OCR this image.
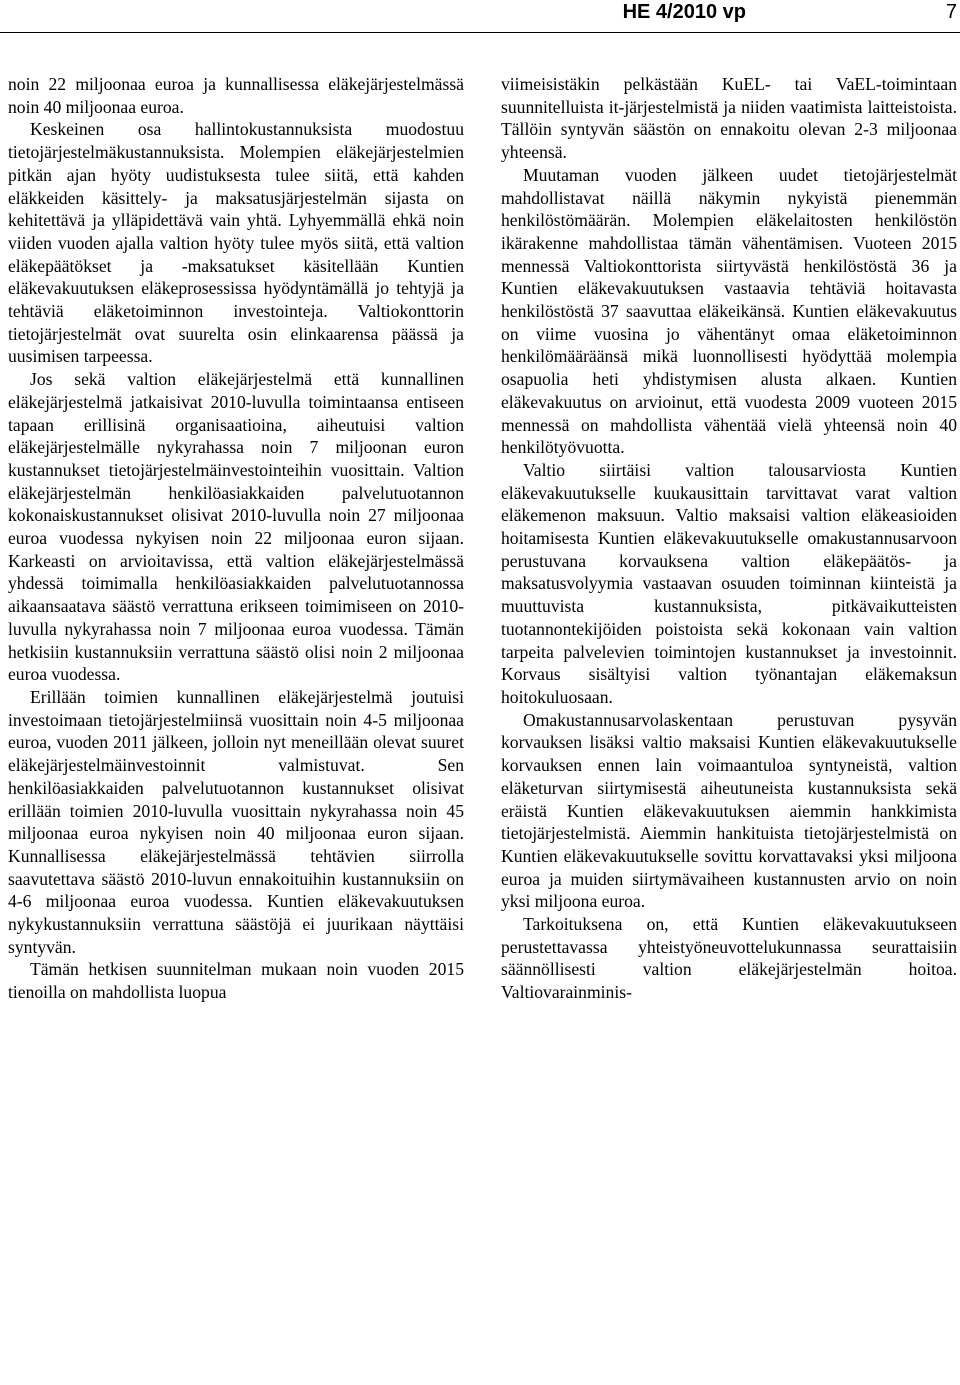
HE 4/2010 vp	7

noin 22 miljoonaa euroa ja kunnallisessa eläkejärjestelmässä noin 40 miljoonaa euroa.

Keskeinen osa hallintokustannuksista muodostuu tietojärjestelmäkustannuksista. Molempien eläkejärjestelmien pitkän ajan hyöty uudistuksesta tulee siitä, että kahden eläkkeiden käsittely- ja maksatusjärjestelmän sijasta on kehitettävä ja ylläpidettävä vain yhtä. Lyhyemmällä ehkä noin viiden vuoden ajalla valtion hyöty tulee myös siitä, että valtion eläkepäätökset ja -maksatukset käsitellään Kuntien eläkevakuutuksen eläkeprosessissa hyödyntämällä jo tehtyjä ja tehtäviä eläketoiminnon investointeja. Valtiokonttorin tietojärjestelmät ovat suurelta osin elinkaarensa päässä ja uusimisen tarpeessa.

Jos sekä valtion eläkejärjestelmä että kunnallinen eläkejärjestelmä jatkaisivat 2010-luvulla toimintaansa entiseen tapaan erillisinä organisaatioina, aiheutuisi valtion eläkejärjestelmälle nykyrahassa noin 7 miljoonan euron kustannukset tietojärjestelmäinvestointeihin vuosittain. Valtion eläkejärjestelmän henkilöasiakkaiden palvelutuotannon kokonaiskustannukset olisivat 2010-luvulla noin 27 miljoonaa euroa vuodessa nykyisen noin 22 miljoonaa euron sijaan. Karkeasti on arvioitavissa, että valtion eläkejärjestelmässä yhdessä toimimalla henkilöasiakkaiden palvelutuotannossa aikaansaatava säästö verrattuna erikseen toimimiseen on 2010-luvulla nykyrahassa noin 7 miljoonaa euroa vuodessa. Tämän hetkisiin kustannuksiin verrattuna säästö olisi noin 2 miljoonaa euroa vuodessa.

Erillään toimien kunnallinen eläkejärjestelmä joutuisi investoimaan tietojärjestelmiinsä vuosittain noin 4-5 miljoonaa euroa, vuoden 2011 jälkeen, jolloin nyt meneillään olevat suuret eläkejärjestelmäinvestoinnit valmistuvat. Sen henkilöasiakkaiden palvelutuotannon kustannukset olisivat erillään toimien 2010-luvulla vuosittain nykyrahassa noin 45 miljoonaa euroa nykyisen noin 40 miljoonaa euron sijaan. Kunnallisessa eläkejärjestelmässä tehtävien siirrolla saavutettava säästö 2010-luvun ennakoituihin kustannuksiin on 4-6 miljoonaa euroa vuodessa. Kuntien eläkevakuutuksen nykykustannuksiin verrattuna säästöjä ei juurikaan näyttäisi syntyvän.

Tämän hetkisen suunnitelman mukaan noin vuoden 2015 tienoilla on mahdollista luopua

viimeisistäkin pelkästään KuEL- tai VaEL-toimintaan suunnitelluista it-järjestelmistä ja niiden vaatimista laitteistoista. Tällöin syntyvän säästön on ennakoitu olevan 2-3 miljoonaa yhteensä.

Muutaman vuoden jälkeen uudet tietojärjestelmät mahdollistavat näillä näkymin nykyistä pienemmän henkilöstömäärän. Molempien eläkelaitosten henkilöstön ikärakenne mahdollistaa tämän vähentämisen. Vuoteen 2015 mennessä Valtiokonttorista siirtyvästä henkilöstöstä 36 ja Kuntien eläkevakuutuksen vastaavia tehtäviä hoitavasta henkilöstöstä 37 saavuttaa eläkeikänsä. Kuntien eläkevakuutus on viime vuosina jo vähentänyt omaa eläketoiminnon henkilömääräänsä mikä luonnollisesti hyödyttää molempia osapuolia heti yhdistymisen alusta alkaen. Kuntien eläkevakuutus on arvioinut, että vuodesta 2009 vuoteen 2015 mennessä on mahdollista vähentää vielä yhteensä noin 40 henkilötyövuotta.

Valtio siirtäisi valtion talousarviosta Kuntien eläkevakuutukselle kuukausittain tarvittavat varat valtion eläkemenon maksuun. Valtio maksaisi valtion eläkeasioiden hoitamisesta Kuntien eläkevakuutukselle omakustannusarvoon perustuvana korvauksena valtion eläkepäätös- ja maksatusvolyymia vastaavan osuuden toiminnan kiinteistä ja muuttuvista kustannuksista, pitkävaikutteisten tuotannontekijöiden poistoista sekä kokonaan vain valtion tarpeita palvelevien toimintojen kustannukset ja investoinnit. Korvaus sisältyisi valtion työnantajan eläkemaksun hoitokuluosaan.

Omakustannusarvolaskentaan perustuvan pysyvän korvauksen lisäksi valtio maksaisi Kuntien eläkevakuutukselle korvauksen ennen lain voimaantuloa syntyneistä, valtion eläketurvan siirtymisestä aiheutuneista kustannuksista sekä eräistä Kuntien eläkevakuutuksen aiemmin hankkimista tietojärjestelmistä. Aiemmin hankituista tietojärjestelmistä on Kuntien eläkevakuutukselle sovittu korvattavaksi yksi miljoona euroa ja muiden siirtymävaiheen kustannusten arvio on noin yksi miljoona euroa.

Tarkoituksena on, että Kuntien eläkevakuutukseen perustettavassa yhteistyöneuvottelukunnassa seurattaisiin säännöllisesti valtion eläkejärjestelmän hoitoa. Valtiovarainminis-
